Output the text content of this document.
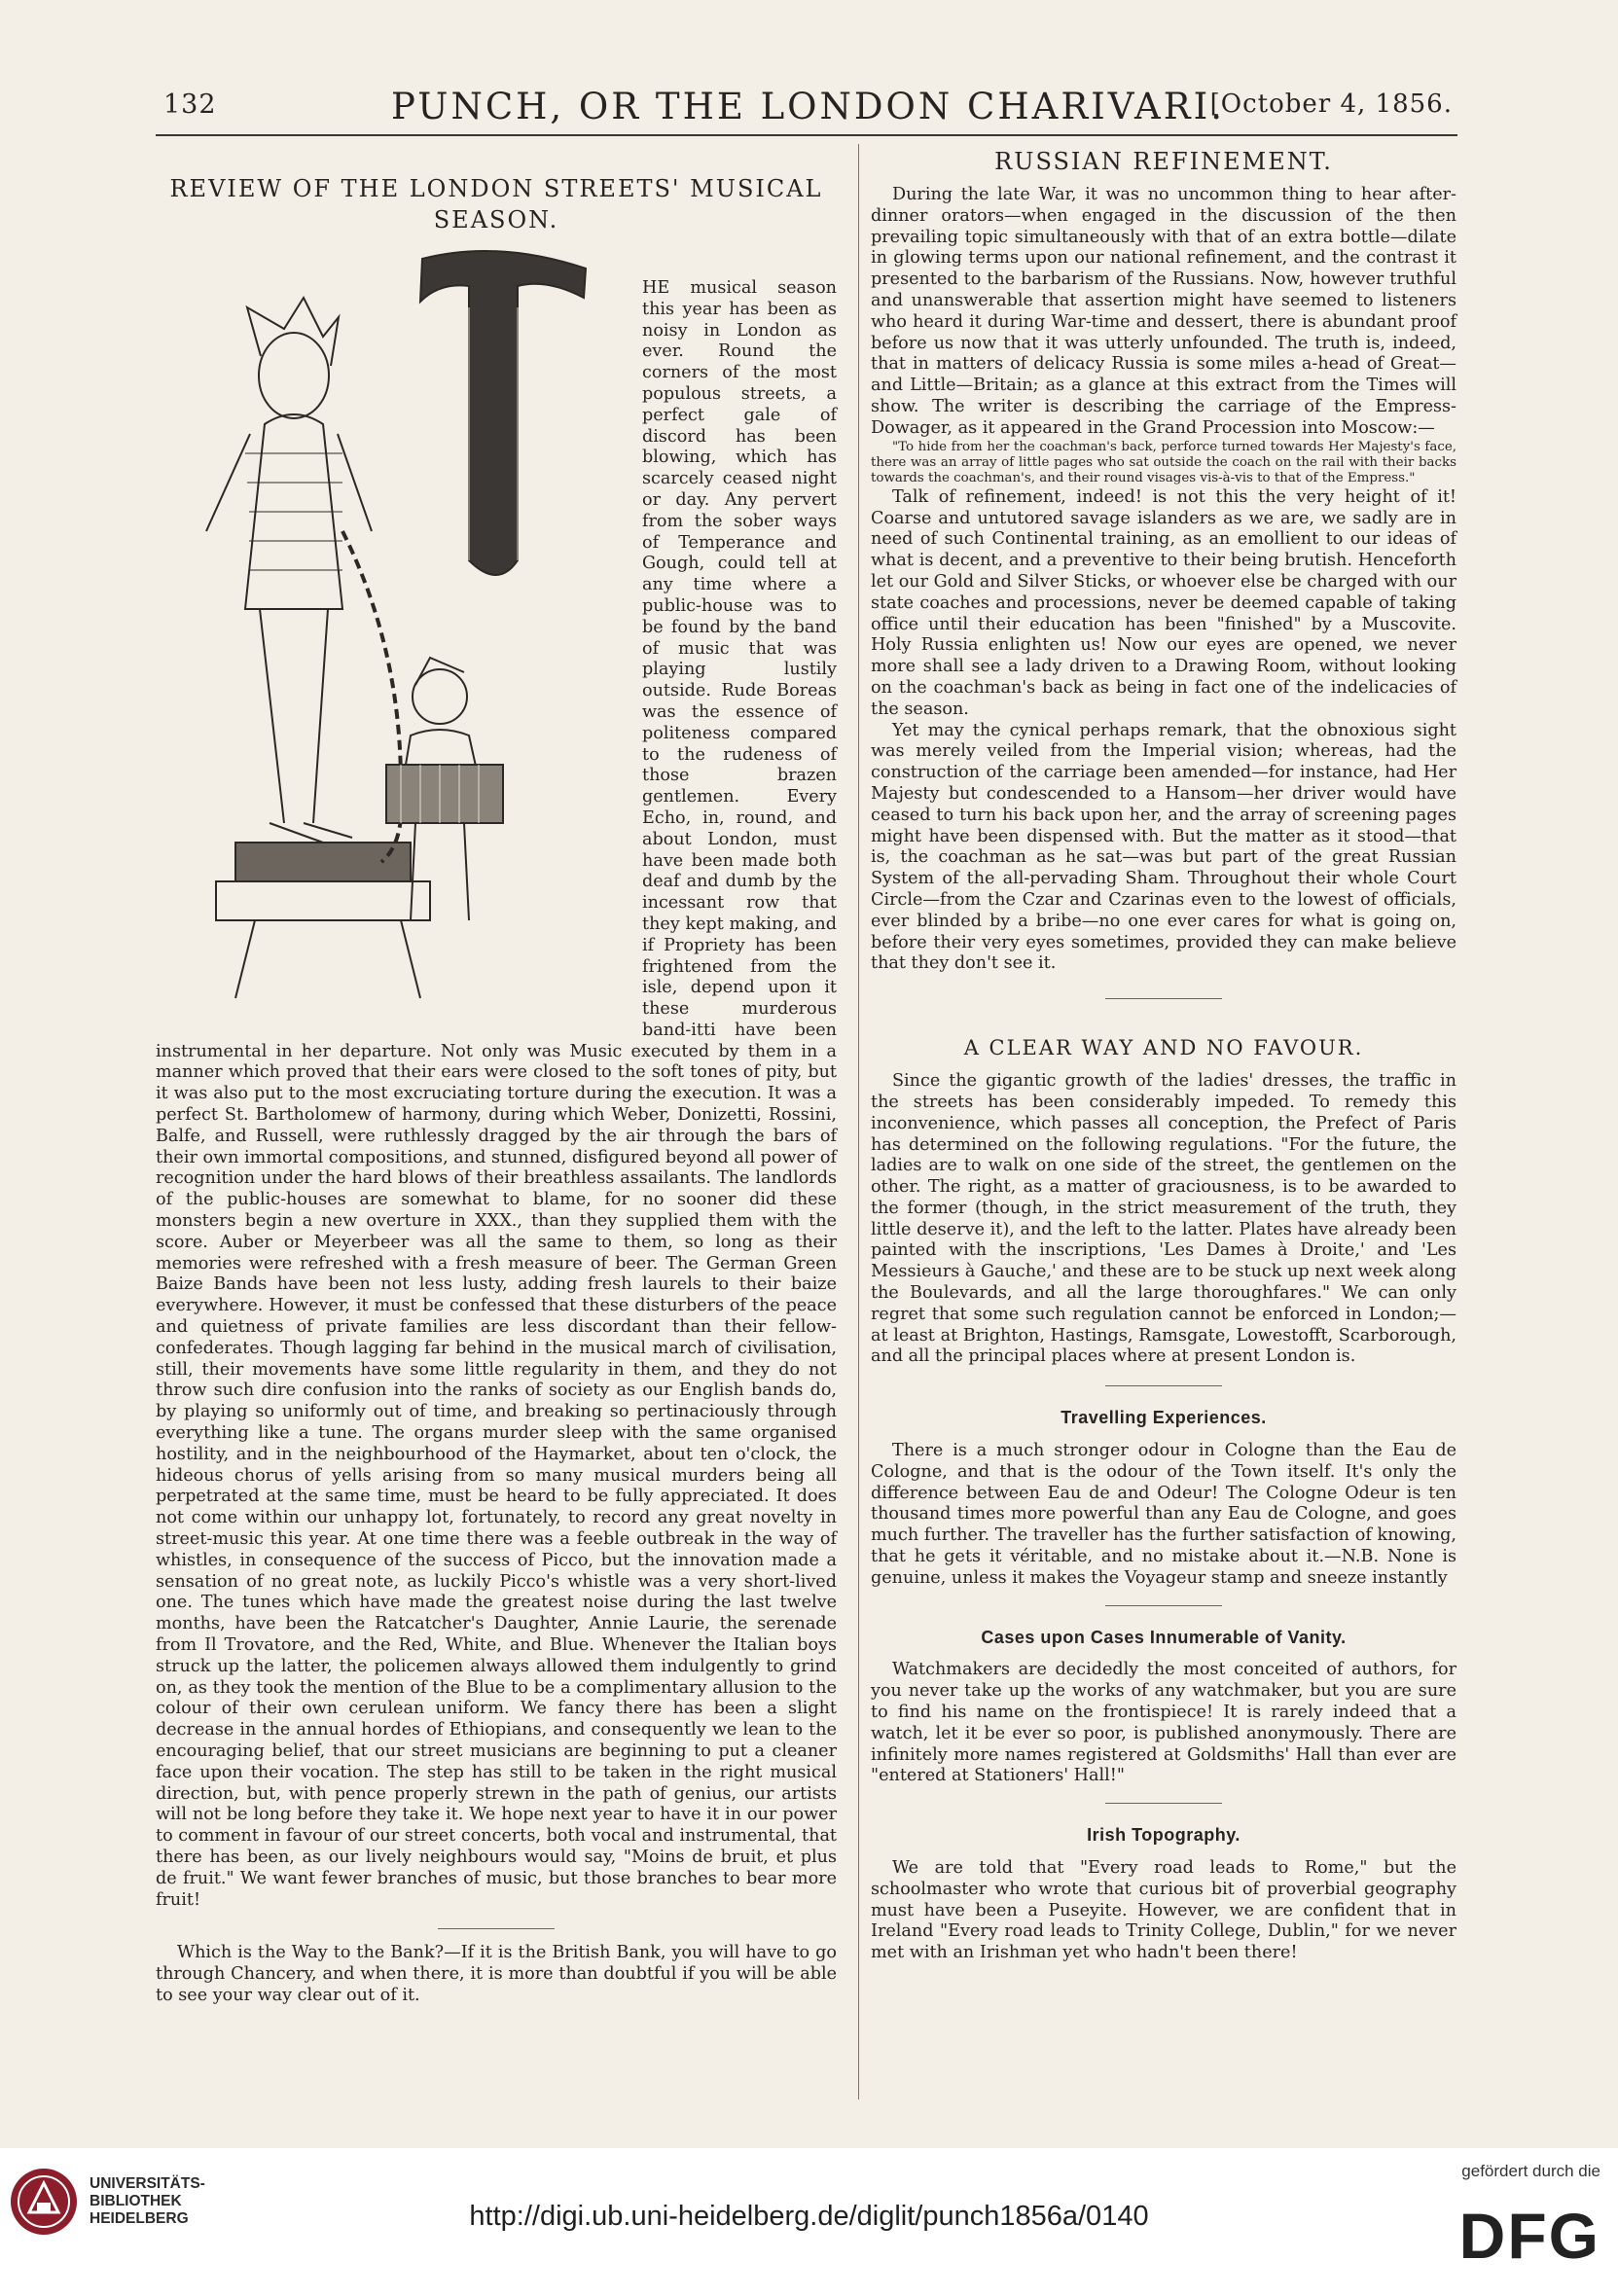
132	PUNCH, OR THE LONDON CHARIVARI.
[October 4, 1856.
REVIEW OF THE LONDON STREETS' MUSICAL SEASON.

HE musical season this year has been as noisy in London as ever. Round the corners of the most populous streets, a perfect gale of discord has been blowing, which has scarcely ceased night or day. Any pervert from the sober ways of Temperance and Gough, could tell at any time where a public-house was to be found by the band of music that was playing lustily outside. Rude Boreas was the essence of politeness compared to the rudeness of those brazen gentlemen. Every Echo, in, round, and about London, must have been made both deaf and dumb by the incessant row that they kept making, and if Propriety has been frightened from the isle, depend upon it these murderous band-itti have been instrumental in her departure. Not only was Music executed by them in a manner which proved that their ears were closed to the soft tones of pity, but it was also put to the most excruciating torture during the execution. It was a perfect St. Bartholomew of harmony, during which Weber, Donizetti, Rossini, Balfe, and Russell, were ruthlessly dragged by the air through the bars of their own immortal compositions, and stunned, disfigured beyond all power of recognition under the hard blows of their breathless assailants. The landlords of the public-houses are somewhat to blame, for no sooner did these monsters begin a new overture in XXX., than they supplied them with the score. Auber or Meyerbeer was all the same to them, so long as their memories were refreshed with a fresh measure of beer. The German Green Baize Bands have been not less lusty, adding fresh laurels to their baize everywhere. However, it must be confessed that these disturbers of the peace and quietness of private families are less discordant than their fellow-confederates. Though lagging far behind in the musical march of civilisation, still, their movements have some little regularity in them, and they do not throw such dire confusion into the ranks of society as our English bands do, by playing so uniformly out of time, and breaking so pertinaciously through everything like a tune. The organs murder sleep with the same organised hostility, and in the neighbourhood of the Haymarket, about ten o'clock, the hideous chorus of yells arising from so many musical murders being all perpetrated at the same time, must be heard to be fully appreciated. It does not come within our unhappy lot, fortunately, to record any great novelty in street-music this year. At one time there was a feeble outbreak in the way of whistles, in consequence of the success of Picco, but the innovation made a sensation of no great note, as luckily Picco's whistle was a very short-lived one. The tunes which have made the greatest noise during the last twelve months, have been the Ratcatcher's Daughter, Annie Laurie, the serenade from Il Trovatore, and the Red, White, and Blue. Whenever the Italian boys struck up the latter, the policemen always allowed them indulgently to grind on, as they took the mention of the Blue to be a complimentary allusion to the colour of their own cerulean uniform. We fancy there has been a slight decrease in the annual hordes of Ethiopians, and consequently we lean to the encouraging belief, that our street musicians are beginning to put a cleaner face upon their vocation. The step has still to be taken in the right musical direction, but, with pence properly strewn in the path of genius, our artists will not be long before they take it. We hope next year to have it in our power to comment in favour of our street concerts, both vocal and instrumental, that there has been, as our lively neighbours would say, "Moins de bruit, et plus de fruit." We want fewer branches of music, but those branches to bear more fruit!

Which is the Way to the Bank?—If it is the British Bank, you will have to go through Chancery, and when there, it is more than doubtful if you will be able to see your way clear out of it.

RUSSIAN REFINEMENT.

During the late War, it was no uncommon thing to hear after-dinner orators—when engaged in the discussion of the then prevailing topic simultaneously with that of an extra bottle—dilate in glowing terms upon our national refinement, and the contrast it presented to the barbarism of the Russians. Now, however truthful and unanswerable that assertion might have seemed to listeners who heard it during War-time and dessert, there is abundant proof before us now that it was utterly unfounded. The truth is, indeed, that in matters of delicacy Russia is some miles a-head of Great—and Little—Britain; as a glance at this extract from the Times will show. The writer is describing the carriage of the Empress-Dowager, as it appeared in the Grand Procession into Moscow:—

"To hide from her the coachman's back, perforce turned towards Her Majesty's face, there was an array of little pages who sat outside the coach on the rail with their backs towards the coachman's, and their round visages vis-à-vis to that of the Empress."

Talk of refinement, indeed! is not this the very height of it! Coarse and untutored savage islanders as we are, we sadly are in need of such Continental training, as an emollient to our ideas of what is decent, and a preventive to their being brutish. Henceforth let our Gold and Silver Sticks, or whoever else be charged with our state coaches and processions, never be deemed capable of taking office until their education has been "finished" by a Muscovite. Holy Russia enlighten us! Now our eyes are opened, we never more shall see a lady driven to a Drawing Room, without looking on the coachman's back as being in fact one of the indelicacies of the season.

Yet may the cynical perhaps remark, that the obnoxious sight was merely veiled from the Imperial vision; whereas, had the construction of the carriage been amended—for instance, had Her Majesty but condescended to a Hansom—her driver would have ceased to turn his back upon her, and the array of screening pages might have been dispensed with. But the matter as it stood—that is, the coachman as he sat—was but part of the great Russian System of the all-pervading Sham. Throughout their whole Court Circle—from the Czar and Czarinas even to the lowest of officials, ever blinded by a bribe—no one ever cares for what is going on, before their very eyes sometimes, provided they can make believe that they don't see it.

A CLEAR WAY AND NO FAVOUR.

Since the gigantic growth of the ladies' dresses, the traffic in the streets has been considerably impeded. To remedy this inconvenience, which passes all conception, the Prefect of Paris has determined on the following regulations. "For the future, the ladies are to walk on one side of the street, the gentlemen on the other. The right, as a matter of graciousness, is to be awarded to the former (though, in the strict measurement of the truth, they little deserve it), and the left to the latter. Plates have already been painted with the inscriptions, 'Les Dames à Droite,' and 'Les Messieurs à Gauche,' and these are to be stuck up next week along the Boulevards, and all the large thoroughfares." We can only regret that some such regulation cannot be enforced in London;—at least at Brighton, Hastings, Ramsgate, Lowestofft, Scarborough, and all the principal places where at present London is.

Travelling Experiences.

There is a much stronger odour in Cologne than the Eau de Cologne, and that is the odour of the Town itself. It's only the difference between Eau de and Odeur! The Cologne Odeur is ten thousand times more powerful than any Eau de Cologne, and goes much further. The traveller has the further satisfaction of knowing, that he gets it véritable, and no mistake about it.—N.B. None is genuine, unless it makes the Voyageur stamp and sneeze instantly

Cases upon Cases Innumerable of Vanity.

Watchmakers are decidedly the most conceited of authors, for you never take up the works of any watchmaker, but you are sure to find his name on the frontispiece! It is rarely indeed that a watch, let it be ever so poor, is published anonymously. There are infinitely more names registered at Goldsmiths' Hall than ever are "entered at Stationers' Hall!"

Irish Topography.

We are told that "Every road leads to Rome," but the schoolmaster who wrote that curious bit of proverbial geography must have been a Puseyite. However, we are confident that in Ireland "Every road leads to Trinity College, Dublin," for we never met with an Irishman yet who hadn't been there!

UNIVERSITÄTS-
BIBLIOTHEK
HEIDELBERG	http://digi.ub.uni-heidelberg.de/diglit/punch1856a/0140
gefördert durch die
DFG
